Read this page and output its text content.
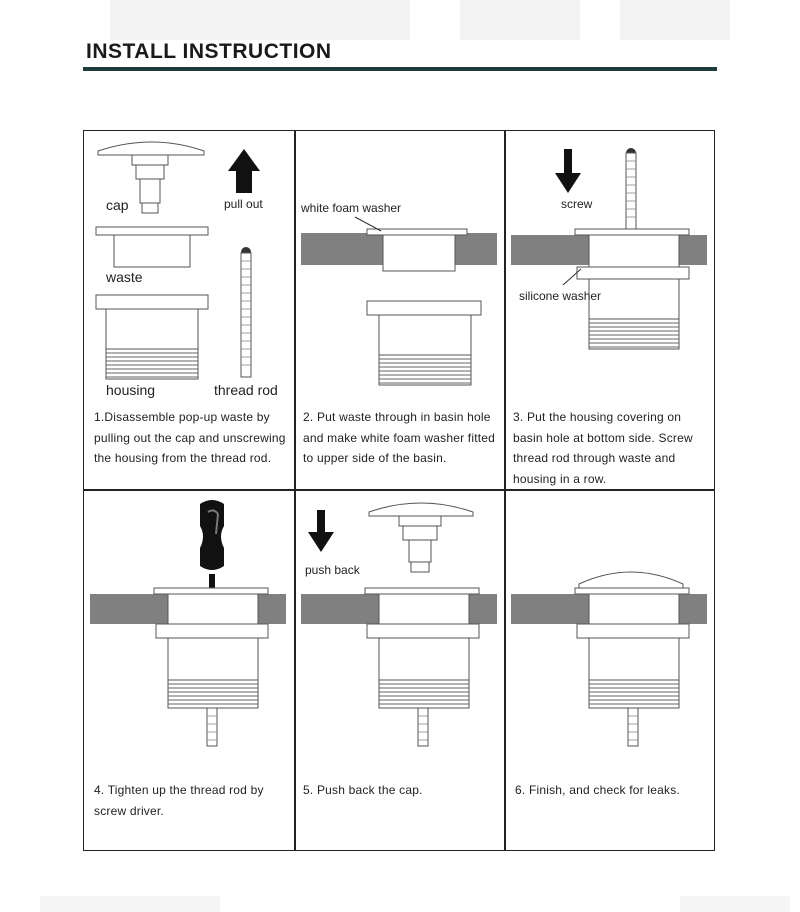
INSTALL INSTRUCTION
cap	pull out
waste
housing	thread rod
1.Disassemble pop-up waste by pulling out the cap and unscrewing the housing from the thread rod.
white foam washer
2. Put waste through in basin hole and make white foam washer fitted to upper side of the basin.
screw
silicone washer
3. Put the housing covering on basin hole at bottom side. Screw thread rod through waste and housing in a row.
4. Tighten up the thread rod by screw driver.
push back
5. Push back the cap.	6. Finish, and check for leaks.
